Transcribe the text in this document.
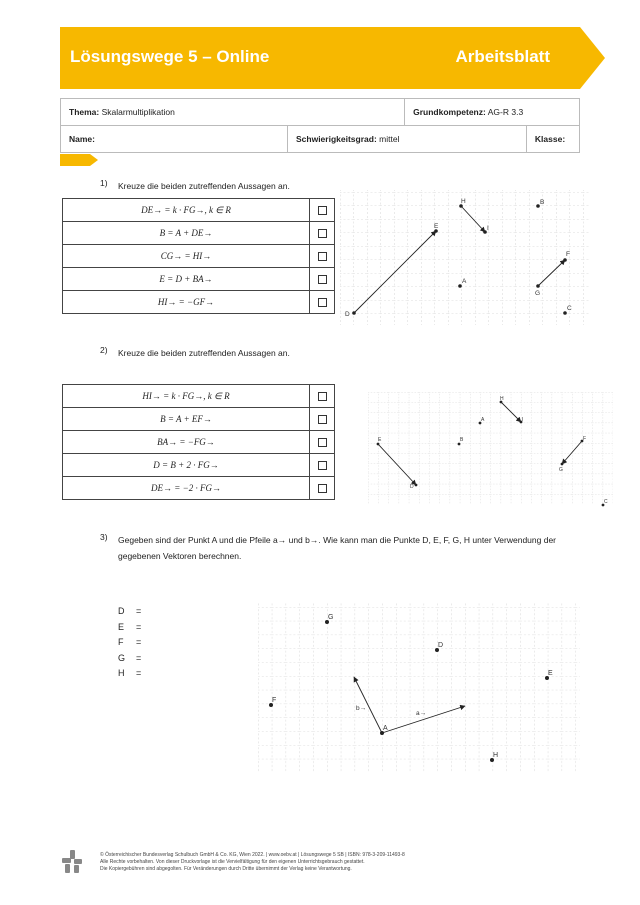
Lösungswege 5 – Online	Arbeitsblatt
Thema: Skalarmultiplikation		Grundkompetenz: AG-R 3.3	
Name:	Schwierigkeitsgrad: mittel		Klasse:
1) Kreuze die beiden zutreffenden Aussagen an.
DE→ = k · FG→, k ∈ R	
B = A + DE→	
CG→ = HI→	
E = D + BA→	
HI→ = −GF→	
H	B
E	I
F
A
G
D
C
2) Kreuze die beiden zutreffenden Aussagen an.
HI→ = k · FG→, k ∈ R	
B = A + EF→	
BA→ = −FG→	
D = B + 2 · FG→	
DE→ = −2 · FG→	
H
A	I
E	B	F
G
D
C
3) Gegeben sind der Punkt A und die Pfeile a→ und b→. Wie kann man die Punkte D, E, F, G, H unter Verwendung der gegebenen Vektoren berechnen.
D	=
E	=
F	=
G	=
H	=
G
D
E
F
b→
a→
A
H
© Österreichischer Bundesverlag Schulbuch GmbH & Co. KG, Wien 2022. | www.oebv.at | Lösungswege 5 SB | ISBN: 978-3-209-11493-8
Alle Rechte vorbehalten. Von dieser Druckvorlage ist die Vervielfältigung für den eigenen Unterrichtsgebrauch gestattet.
Die Kopiergebühren sind abgegolten. Für Veränderungen durch Dritte übernimmt der Verlag keine Verantwortung.
